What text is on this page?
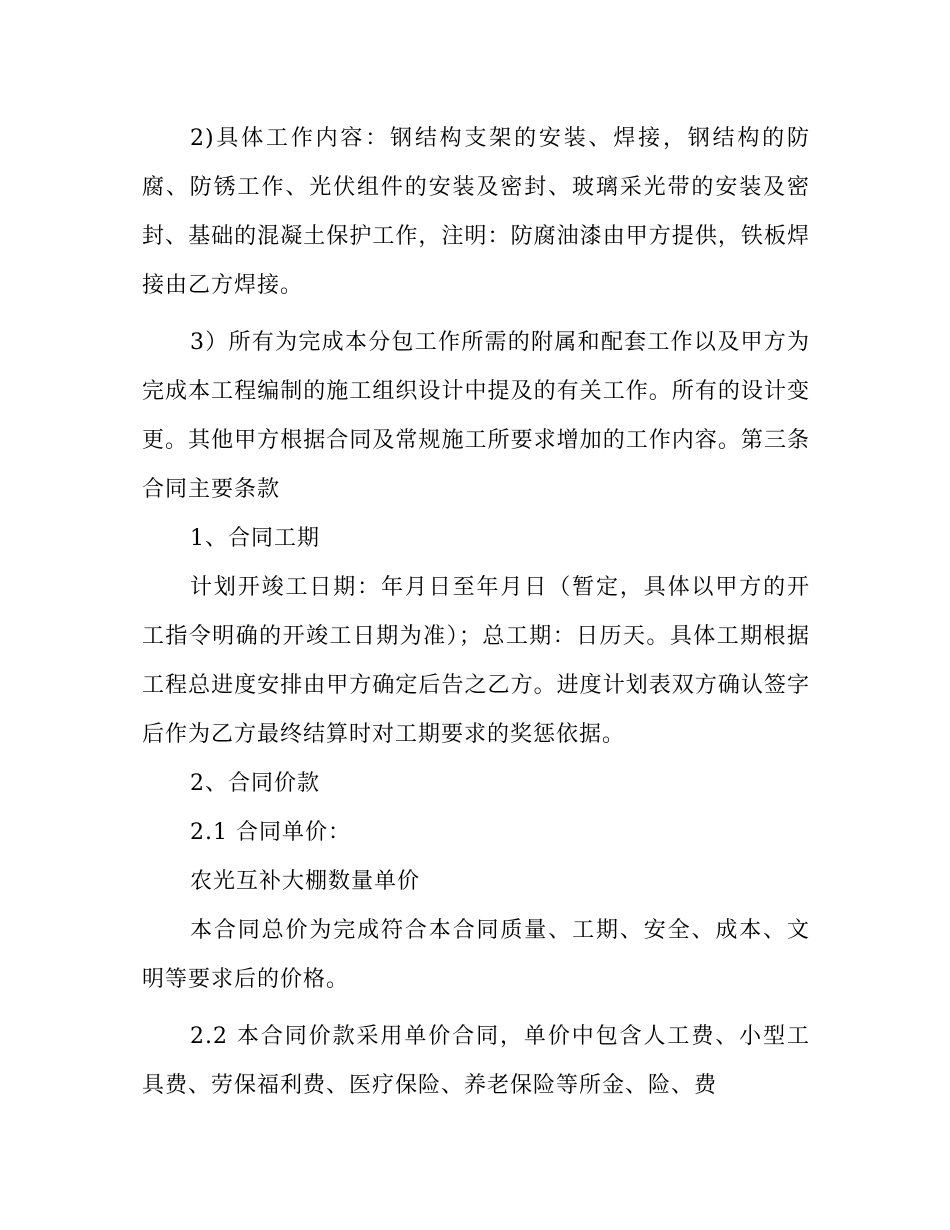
2)具体工作内容：钢结构支架的安装、焊接，钢结构的防腐、防锈工作、光伏组件的安装及密封、玻璃采光带的安装及密封、基础的混凝土保护工作，注明：防腐油漆由甲方提供，铁板焊接由乙方焊接。

3）所有为完成本分包工作所需的附属和配套工作以及甲方为完成本工程编制的施工组织设计中提及的有关工作。所有的设计变更。其他甲方根据合同及常规施工所要求增加的工作内容。第三条合同主要条款

1、合同工期

计划开竣工日期：年月日至年月日（暂定，具体以甲方的开工指令明确的开竣工日期为准）；总工期：日历天。具体工期根据工程总进度安排由甲方确定后告之乙方。进度计划表双方确认签字后作为乙方最终结算时对工期要求的奖惩依据。

2、合同价款

2.1 合同单价：

农光互补大棚数量单价

本合同总价为完成符合本合同质量、工期、安全、成本、文明等要求后的价格。

2.2 本合同价款采用单价合同，单价中包含人工费、小型工具费、劳保福利费、医疗保险、养老保险等所金、险、费
